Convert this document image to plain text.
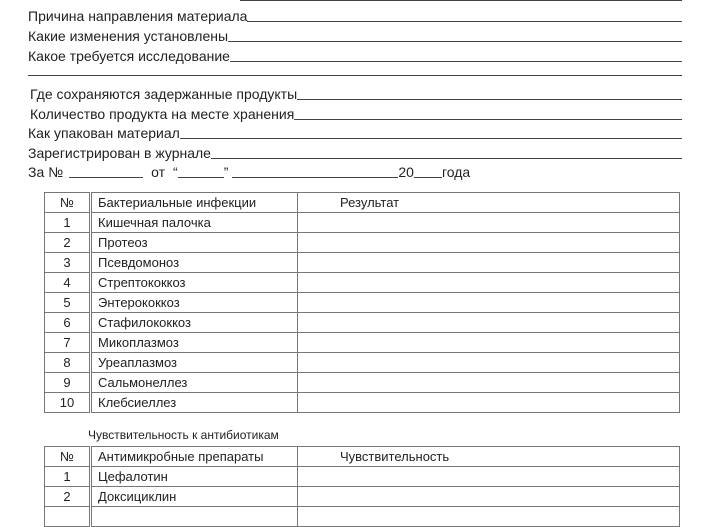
Причина направления материала
Какие изменения установлены
Какое требуется исследование
Где сохраняются задержанные продукты
Количество продукта на месте хранения
Как упакован материал
Зарегистрирован в журнале
За №	от “	”	20 года
№	Бактериальные инфекции	Результат
1	Кишечная палочка	
2	Протеоз	
3	Псевдомоноз	
4	Стрептококкоз	
5	Энтерококкоз	
6	Стафилококкоз	
7	Микоплазмоз	
8	Уреаплазмоз	
9	Сальмонеллез	
10	Клебсиеллез	
Чувствительность к антибиотикам
№	Антимикробные препараты	Чувствительность
1	Цефалотин	
2	Доксициклин	
